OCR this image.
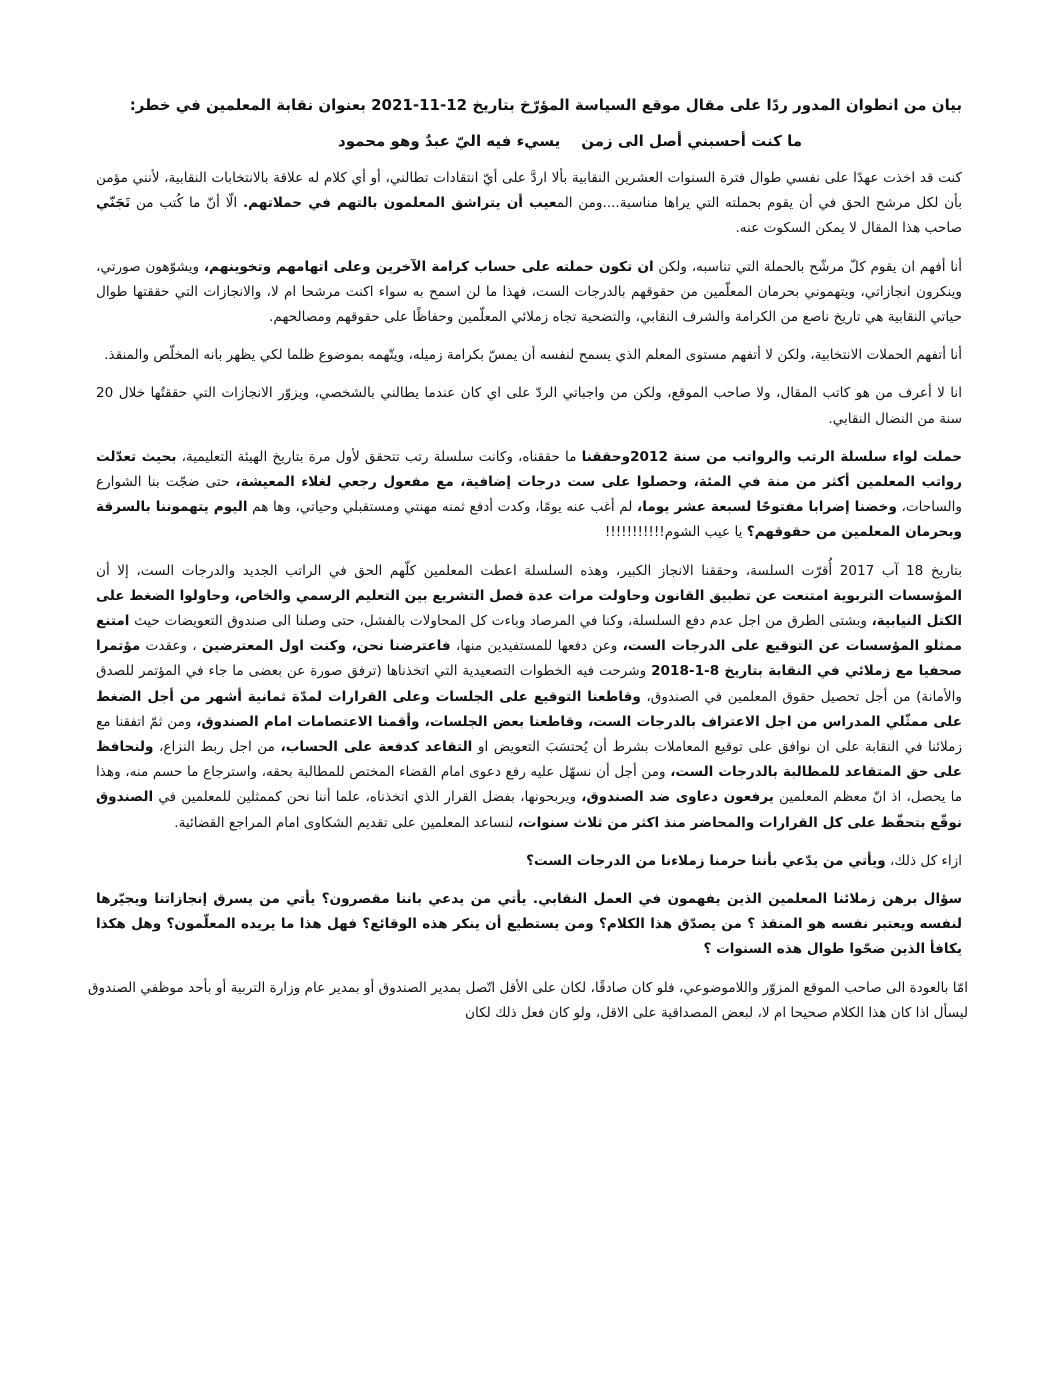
بيان من انطوان المدور ردًا على مقال موقع السياسة المؤرّخ بتاريخ 12-11-2021 بعنوان نقابة المعلمين في خطر:

ما كنت أحسبني أصل الى زمن    يسيء فيه اليّ عبدٌ وهو محمود

كنت قد اخذت عهدًا على نفسي طوال فترة السنوات العشرين النقابية بألا اردَّ على أيّ انتقادات تطالني، أو أي كلام له علاقة بالانتخابات النقابية، لأنني مؤمن بأن لكل مرشح الحق في أن يقوم بحملته التي يراها مناسبة....ومن المعيب أن يتراشق المعلمون بالتهم في حملاتهم. الّا أنّ ما كُتب من تَجَنّي صاحب هذا المقال لا يمكن السكوت عنه.

أنا أفهم ان يقوم كلّ مرشّح بالحملة التي تناسبه، ولكن ان تكون حملته على حساب كرامة الآخرين وعلى اتهامهم وتخوينهم، ويشوّهون صورتي، وينكرون انجازاتي، ويتهموني بحرمان المعلّمين من حقوقهم بالدرجات الست، فهذا ما لن اسمح به سواء اكنت مرشحا ام لا، والانجازات التي حققتها طوال حياتي النقابية هي تاريخ ناصع من الكرامة والشرف النقابي، والتضحية تجاه زملائي المعلّمين وحفاظًا على حقوقهم ومصالحهم.

أنا أتفهم الحملات الانتخابية، ولكن لا أتفهم مستوى المعلم الذي يسمح لنفسه أن يمسّ بكرامة زميله، ويتّهمه بموضوع ظلما لكي يظهر بانه المخلّص والمنقذ.

انا لا أعرف من هو كاتب المقال، ولا صاحب الموقع، ولكن من واجباتي الردّ على اي كان عندما يطالني بالشخصي، ويزوّر الانجازات التي حققتُها خلال 20 سنة من النضال النقابي.

حملت لواء سلسلة الرتب والرواتب من سنة 2012وحققنا ما حققناه، وكانت سلسلة رتب تتحقق لأول مرة بتاريخ الهيئة التعليمية، بحيث تعدّلت رواتب المعلمين أكثر من منة في المئة، وحصلوا على ست درجات إضافية، مع مفعول رجعي لغلاء المعيشة، حتى ضجّت بنا الشوارع والساحات، وخضنا إضرابا مفتوحًا لسبعة عشر يوما، لم أغب عنه يومًا، وكدت أدفع ثمنه مهنتي ومستقبلي وحياتي، وها هم اليوم يتهموننا بالسرقة وبحرمان المعلمين من حقوقهم؟ يا عيب الشوم!!!!!!!!!!!

بتاريخ 18 آب 2017 أُقرّت السلسة، وحققنا الانجاز الكبير، وهذه السلسلة اعطت المعلمين كلّهم الحق في الراتب الجديد والدرجات الست، إلا أن المؤسسات التربوية امتنعت عن تطبيق القانون وحاولت مرات عدة فصل التشريع بين التعليم الرسمي والخاص، وحاولوا الضغط على الكتل النيابية، وبشتى الطرق من اجل عدم دفع السلسلة، وكنا في المرصاد وباءت كل المحاولات بالفشل، حتى وصلنا الى صندوق التعويضات حيث امتنع ممثلو المؤسسات عن التوقيع على الدرجات الست، وعن دفعها للمستفيدين منها، فاعترضنا نحن، وكنت اول المعترضين ، وعقدت مؤتمرا صحفيا مع زملائي في النقابة بتاريخ 8-1-2018 وشرحت فيه الخطوات التصعيدية التي اتخذناها (ترفق صورة عن بعضى ما جاء في المؤتمر للصدق والأمانة) من أجل تحصيل حقوق المعلمين في الصندوق، وقاطعنا التوقيع على الجلسات وعلى القرارات لمدّة ثمانية أشهر من أجل الضغط على ممثّلي المدراس من اجل الاعتراف بالدرجات الست، وقاطعنا بعض الجلسات، وأقمنا الاعتصامات امام الصندوق، ومن ثمّ اتفقنا مع زملائنا في النقابة على ان نوافق على توقيع المعاملات بشرط أن يُحتسَبَ التعويض او التقاعد كدفعة على الحساب، من اجل ربط النزاع، ولنحافظ على حق المتقاعد للمطالبة بالدرجات الست، ومن أجل أن نسهّل عليه رفع دعوى امام القضاء المختص للمطالبة بحقه، واسترجاع ما حسم منه، وهذا ما يحصل، اذ انّ معظم المعلمين يرفعون دعاوى ضد الصندوق، ويربحونها، بفضل القرار الذي اتخذناه، علما أننا نحن كممثلين للمعلمين في الصندوق نوقّع بتحفّظ على كل القرارات والمحاضر منذ اكثر من ثلاث سنوات، لنساعد المعلمين على تقديم الشكاوى امام المراجع القضائية.

ازاء كل ذلك، ويأتي من يدّعي بأننا حرمنا زملاءنا من الدرجات الست؟

سؤال برهن زملائنا المعلمين الذين يفهمون في العمل النقابي. يأتي من يدعي باننا مقصرون؟ يأتي من يسرق إنجازاتنا ويجيّرها لنفسه ويعتبر نفسه هو المنقذ ؟ من يصدّق هذا الكلام؟ ومن يستطيع أن ينكر هذه الوقائع؟ فهل هذا ما يريده المعلّمون؟ وهل هكذا يكافأ الذين ضحّوا طوال هذه السنوات ؟

امّا بالعودة الى صاحب الموقع المزوّر واللاموضوعي، فلو كان صادقًا، لكان على الأقل اتّصل بمدير الصندوق أو بمدير عام وزارة التربية أو بأحد موظفي الصندوق ليسأل اذا كان هذا الكلام صحيحا ام لا، لبعض المصداقية على الاقل، ولو كان فعل ذلك لكان
